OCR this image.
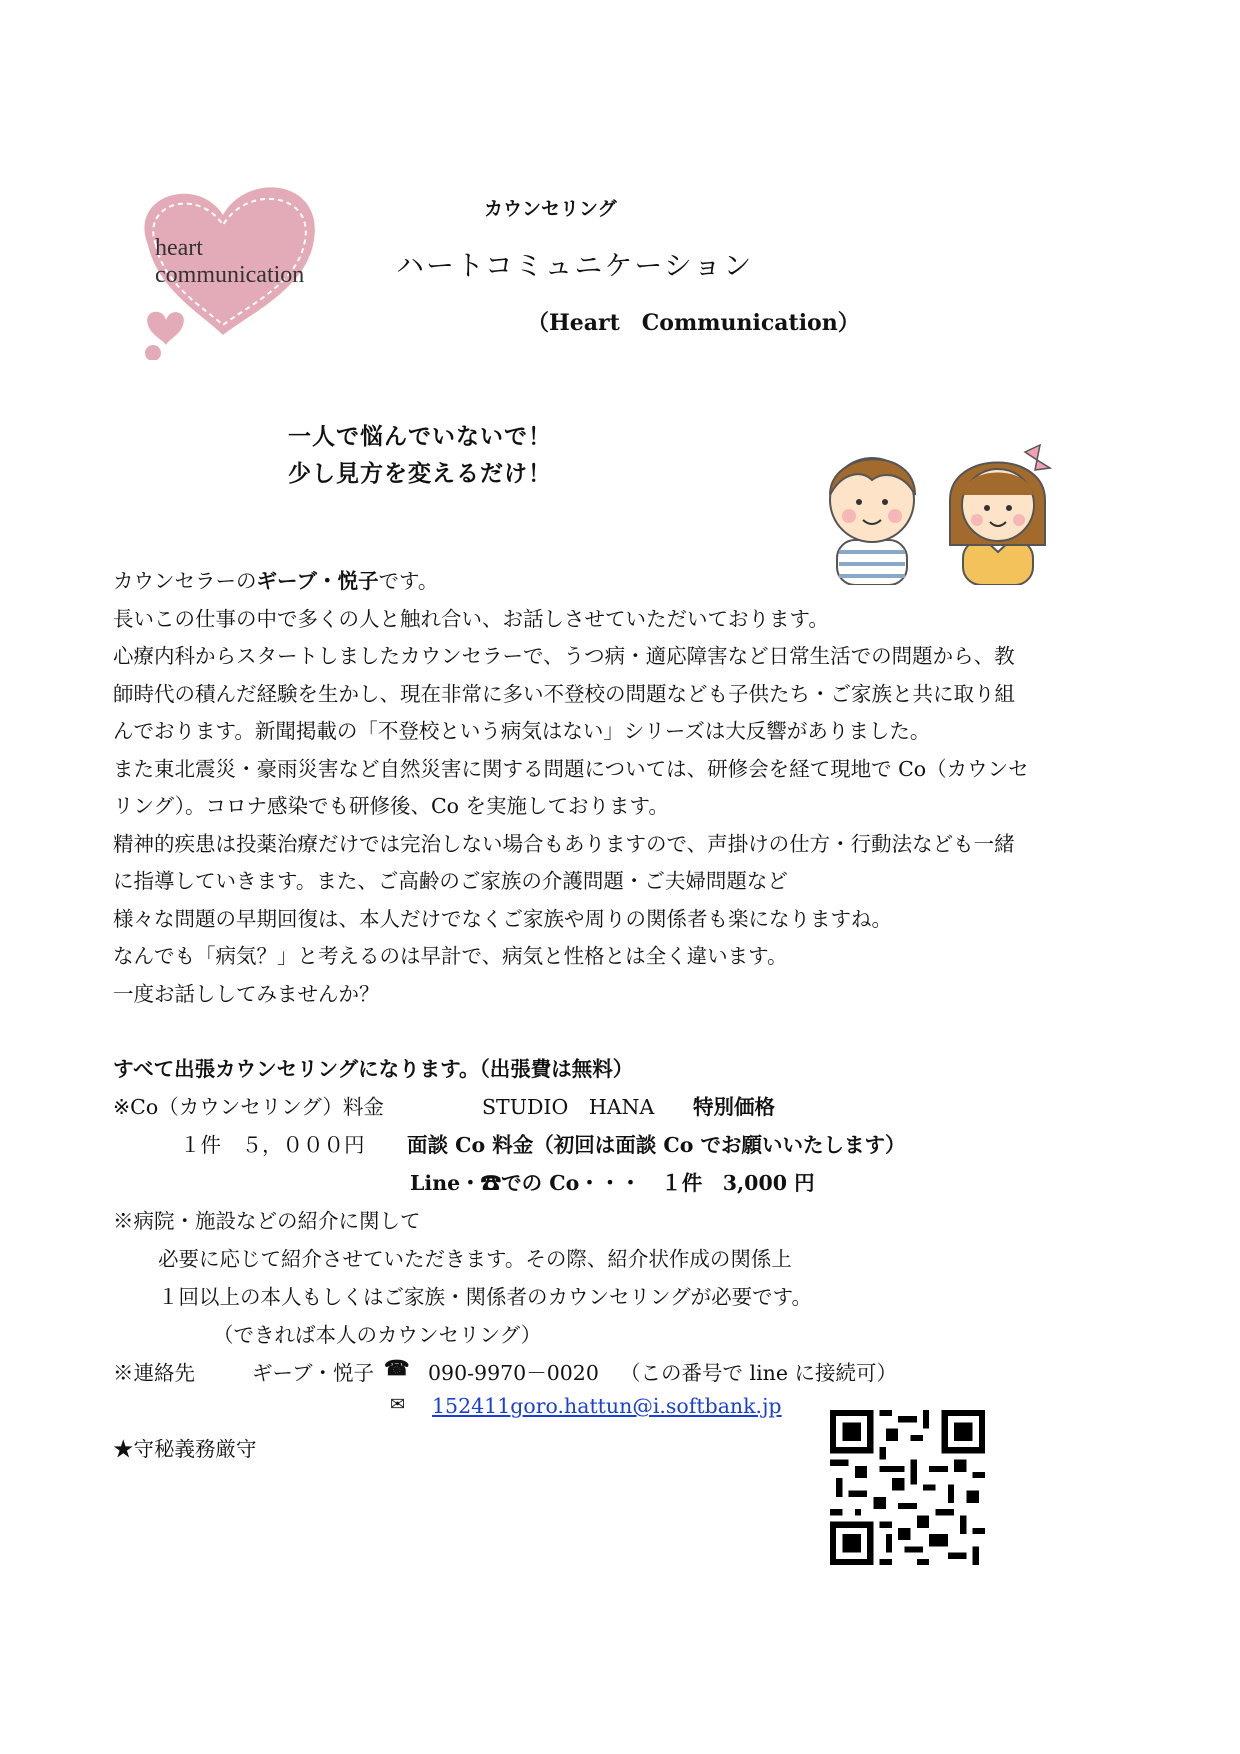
heart
communication
カウンセリング
ハートコミュニケーション
（Heart　Communication）
一人で悩んでいないで！
少し見方を変えるだけ！

カウンセラーのギーブ・悦子です。

長いこの仕事の中で多くの人と触れ合い、お話しさせていただいております。

心療内科からスタートしましたカウンセラーで、うつ病・適応障害など日常生活での問題から、教

師時代の積んだ経験を生かし、現在非常に多い不登校の問題なども子供たち・ご家族と共に取り組

んでおります。新聞掲載の「不登校という病気はない」シリーズは大反響がありました。

また東北震災・豪雨災害など自然災害に関する問題については、研修会を経て現地で Co（カウンセ

リング）。コロナ感染でも研修後、Co を実施しております。

精神的疾患は投薬治療だけでは完治しない場合もありますので、声掛けの仕方・行動法なども一緒

に指導していきます。また、ご高齢のご家族の介護問題・ご夫婦問題など

様々な問題の早期回復は、本人だけでなくご家族や周りの関係者も楽になりますね。

なんでも「病気？」と考えるのは早計で、病気と性格とは全く違います。

一度お話ししてみませんか？

すべて出張カウンセリングになります。（出張費は無料）
※Co（カウンセリング）料金	STUDIO　HANA 特別価格
１件　５，０００円 面談 Co 料金（初回は面談 Co でお願いいたします）
Line・☎での Co・・・　１件　3,000 円
※病院・施設などの紹介に関して
必要に応じて紹介させていただきます。その際、紹介状作成の関係上
１回以上の本人もしくはご家族・関係者のカウンセリングが必要です。
（できれば本人のカウンセリング）
※連絡先	ギーブ・悦子 ☎ 090-9970－0020 （この番号で line に接続可）
✉ 152411goro.hattun@i.softbank.jp
★守秘義務厳守
